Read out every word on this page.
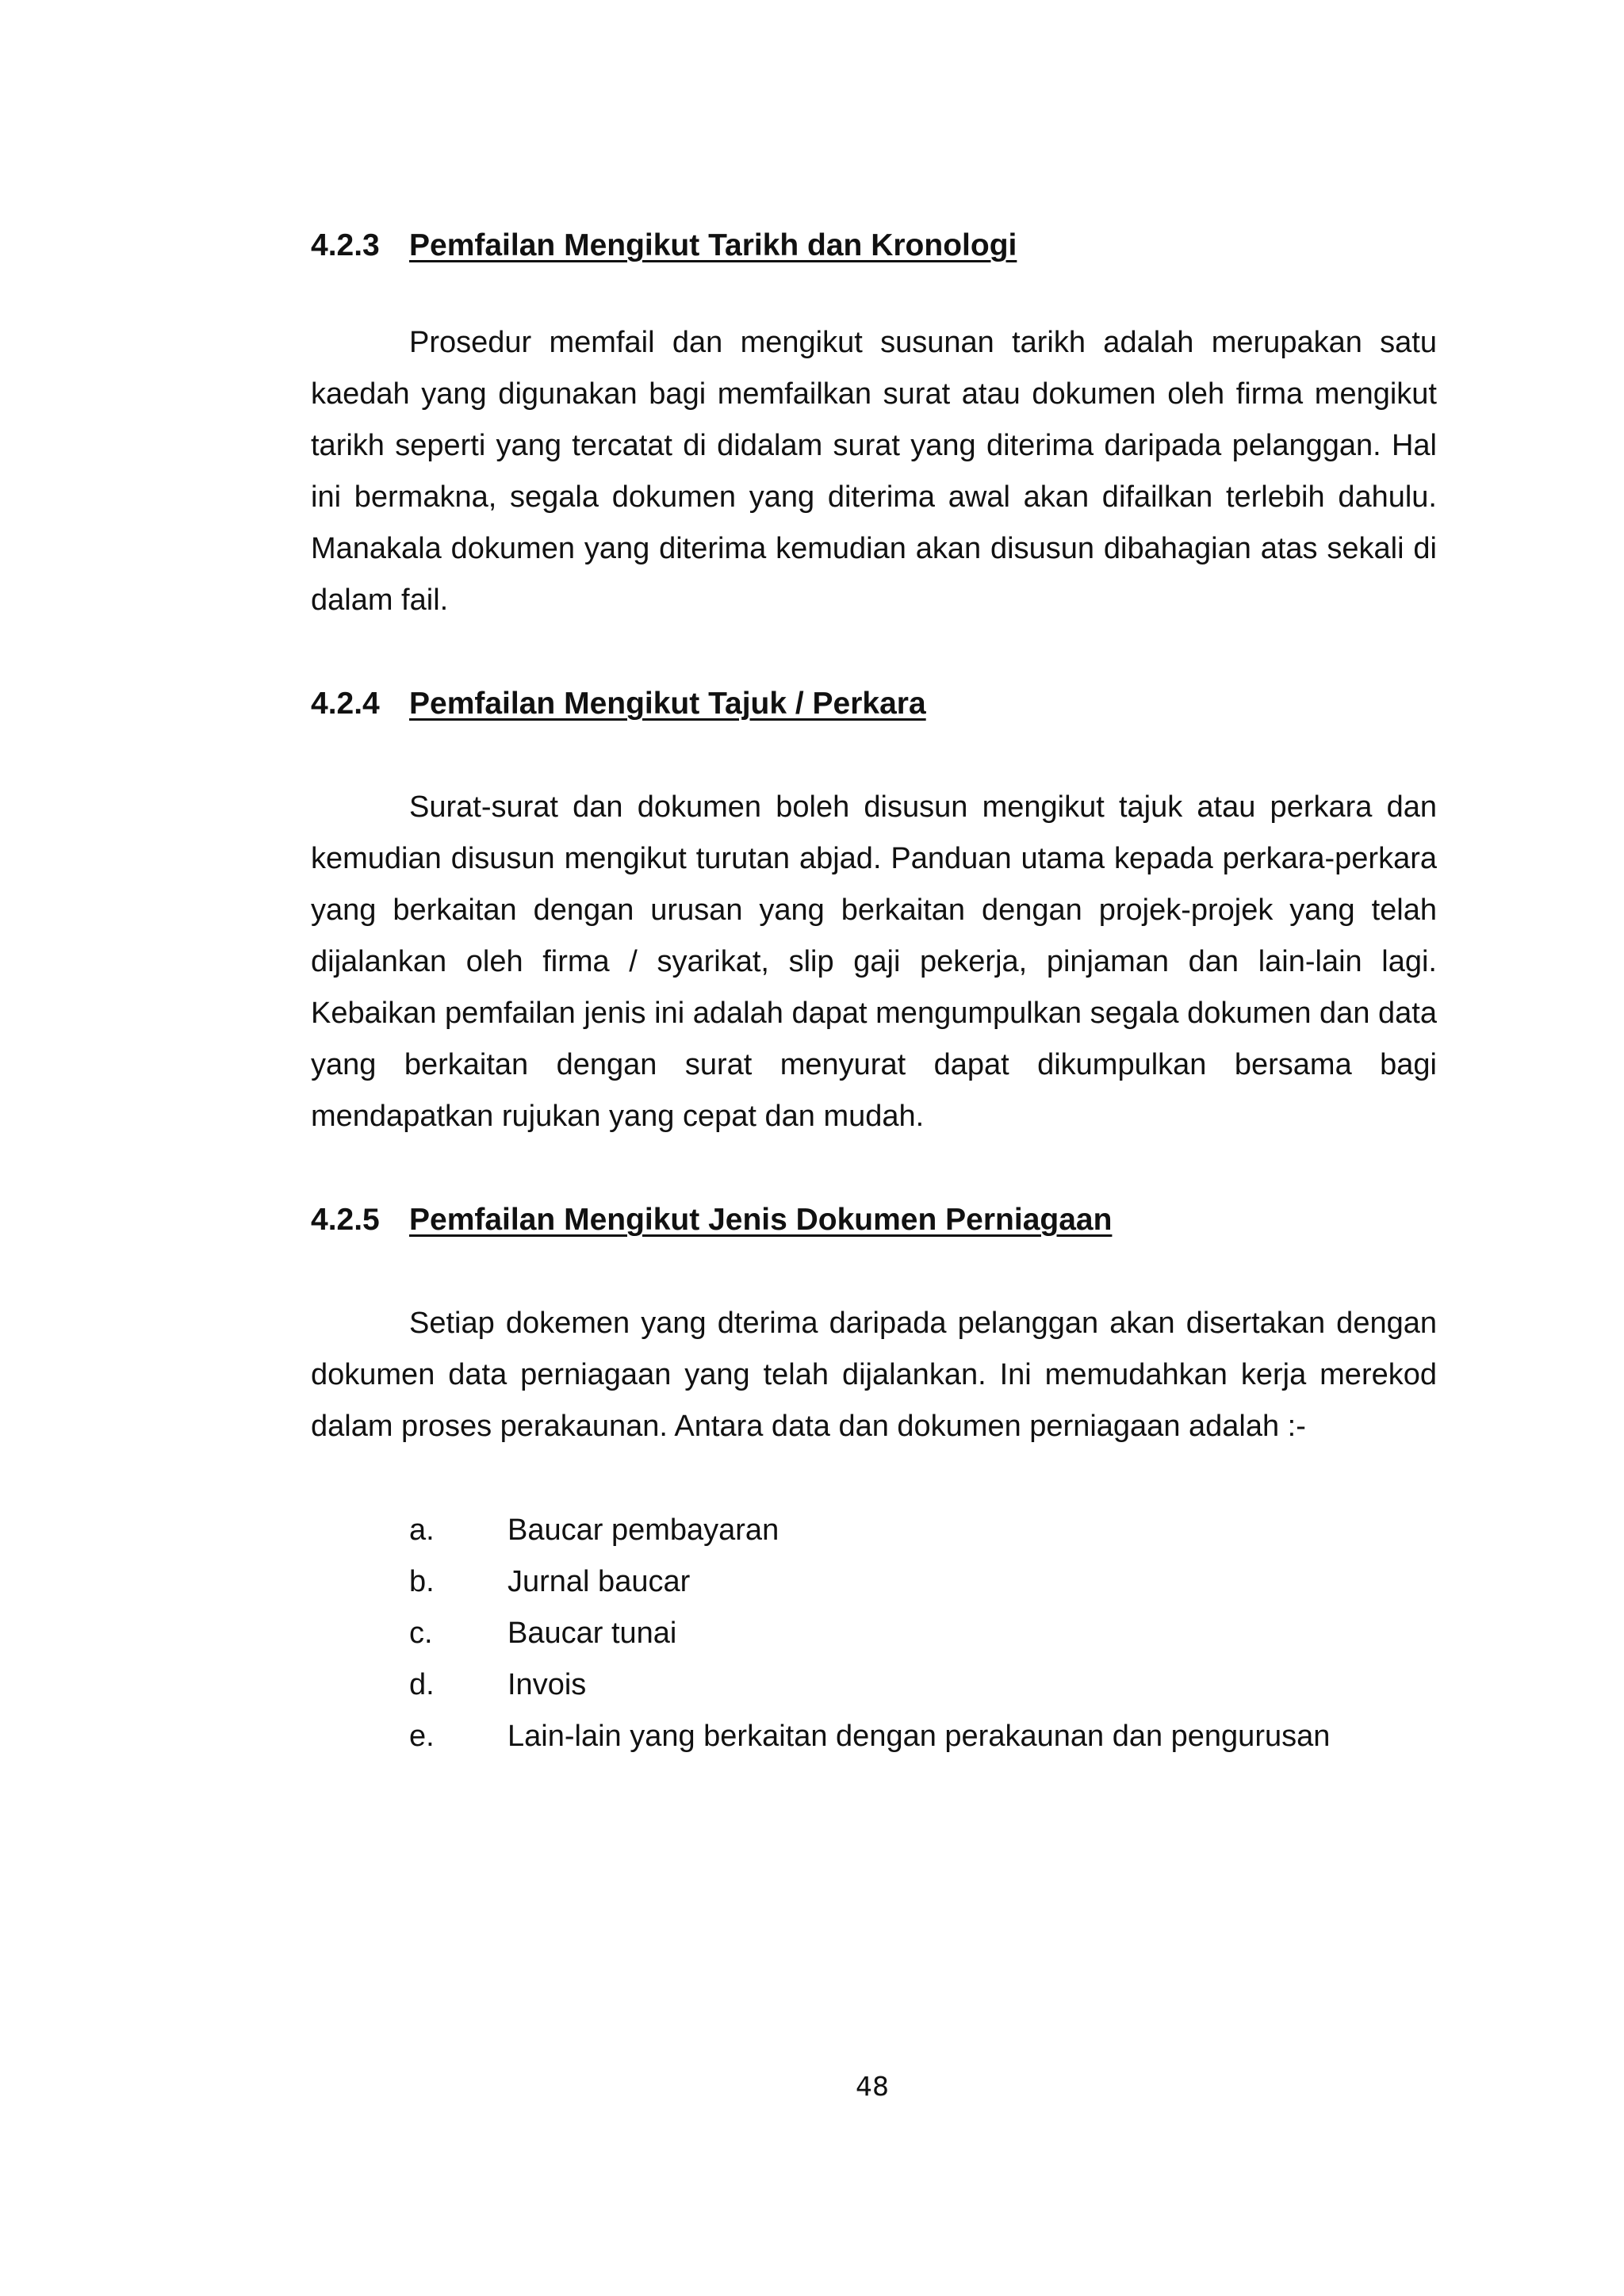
4.2.3 Pemfailan Mengikut Tarikh dan Kronologi

Prosedur memfail dan mengikut susunan tarikh adalah merupakan satu kaedah yang digunakan bagi memfailkan surat atau dokumen oleh firma mengikut tarikh seperti yang tercatat di didalam surat yang diterima daripada pelanggan. Hal ini bermakna, segala dokumen yang diterima awal akan difailkan terlebih dahulu. Manakala dokumen yang diterima kemudian akan disusun dibahagian atas sekali di dalam fail.

4.2.4 Pemfailan Mengikut Tajuk / Perkara

Surat-surat dan dokumen boleh disusun mengikut tajuk atau perkara dan kemudian disusun mengikut turutan abjad. Panduan utama kepada perkara-perkara yang berkaitan dengan urusan yang berkaitan dengan projek-projek yang telah dijalankan oleh firma / syarikat, slip gaji pekerja, pinjaman dan lain-lain lagi. Kebaikan pemfailan jenis ini adalah dapat mengumpulkan segala dokumen dan data yang berkaitan dengan surat menyurat dapat dikumpulkan bersama bagi mendapatkan rujukan yang cepat dan mudah.

4.2.5 Pemfailan Mengikut Jenis Dokumen Perniagaan

Setiap dokemen yang dterima daripada pelanggan akan disertakan dengan dokumen data perniagaan yang telah dijalankan. Ini memudahkan kerja merekod dalam proses perakaunan. Antara data dan dokumen perniagaan adalah :-

a. Baucar pembayaran
b. Jurnal baucar
c. Baucar tunai
d. Invois
e. Lain-lain yang berkaitan dengan perakaunan dan pengurusan
48
